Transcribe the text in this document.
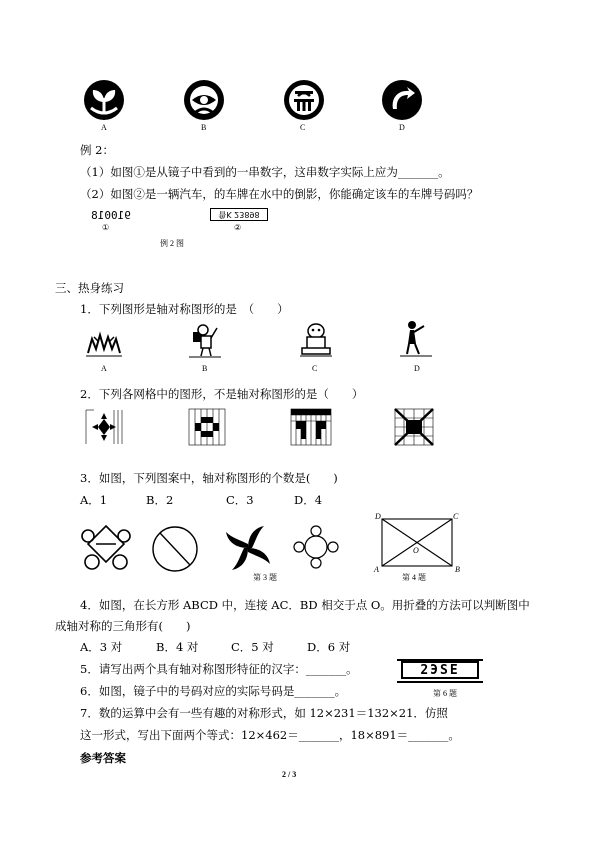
A	B	C	D
例 2：
（1）如图①是从镜子中看到的一串数字，这串数字实际上应为_______。
（2）如图②是一辆汽车，的车牌在水中的倒影，你能确定该车的车牌号码吗？
910018
①
鲁K 23898
②
例 2 图
三、热身练习
1．下列图形是轴对称图形的是　（　　）
A	B	C	D
2．下列各网格中的图形，不是轴对称图形的是（　　）
3．如图，下列图案中，轴对称图形的个数是(　　)
A．1	B．2	C．3	D．4
第 3 题
D	C
O
A	B
第 4 题
4．如图，在长方形 ABCD 中，连接 AC．BD 相交于点 O。用折叠的方法可以判断图中
成轴对称的三角形有(　　)
A．3 对	B．4 对	C．5 对	D．6 对
5．请写出两个具有轴对称图形特征的汉字：_______。
6．如图，镜子中的号码对应的实际号码是_______。
2ЭSЕ
第 6 题
7．数的运算中会有一些有趣的对称形式，如 12×231＝132×21．仿照
这一形式，写出下面两个等式：12×462＝_______，18×891＝_______。
参考答案
2 / 3
